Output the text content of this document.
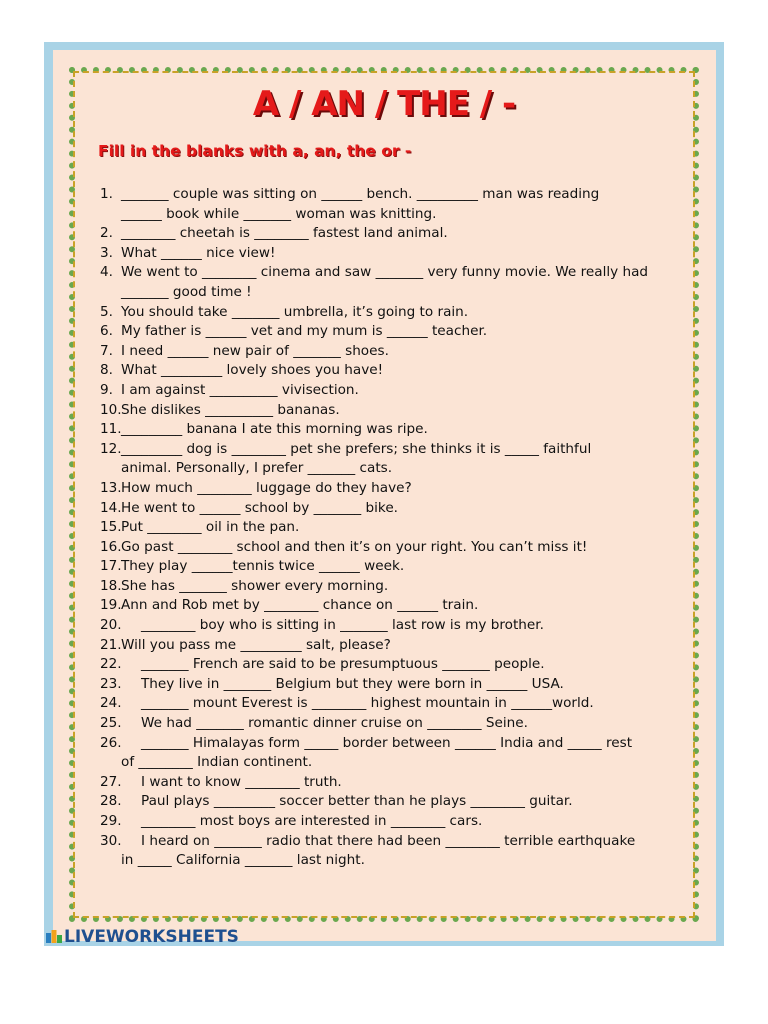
A / AN / THE / -
Fill in the blanks with a, an, the or -
1. _______ couple was sitting on ______ bench. _________ man was reading
______ book while _______ woman was knitting.
2. ________ cheetah is ________ fastest land animal.
3. What ______ nice view!
4. We went to ________ cinema and saw _______ very funny movie. We really had
_______ good time !
5. You should take _______ umbrella, it’s going to rain.
6. My father is ______ vet and my mum is ______ teacher.
7. I need ______ new pair of _______ shoes.
8. What _________ lovely shoes you have!
9. I am against __________ vivisection.
10. She dislikes __________ bananas.
11. _________ banana I ate this morning was ripe.
12. _________ dog is ________ pet she prefers; she thinks it is _____ faithful
animal. Personally, I prefer _______ cats.
13. How much ________ luggage do they have?
14. He went to ______ school by _______ bike.
15. Put ________ oil in the pan.
16. Go past ________ school and then it’s on your right. You can’t miss it!
17. They play ______tennis twice ______ week.
18. She has _______ shower every morning.
19. Ann and Rob met by ________ chance on ______ train.
20.	________ boy who is sitting in _______ last row is my brother.
21. Will you pass me _________ salt, please?
22.	_______ French are said to be presumptuous _______ people.
23.	They live in _______ Belgium but they were born in ______ USA.
24.	_______ mount Everest is ________ highest mountain in ______world.
25.	We had _______ romantic dinner cruise on ________ Seine.
26.	_______ Himalayas form _____ border between ______ India and _____ rest
of ________ Indian continent.
27.	I want to know ________ truth.
28.	Paul plays _________ soccer better than he plays ________ guitar.
29.	________ most boys are interested in ________ cars.
30.	I heard on _______ radio that there had been ________ terrible earthquake
in _____ California _______ last night.
LIVEWORKSHEETS
